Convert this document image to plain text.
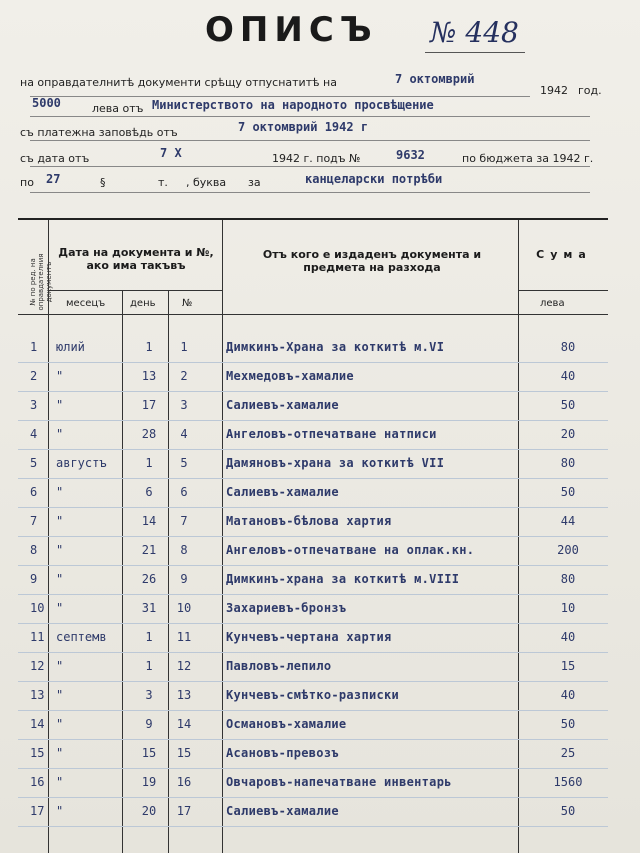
ОПИСЪ № 448
на оправдателнитѣ документи срѣщу отпуснатитѣ на	7 октомврий
1942 год.
5000	лева отъ Министерството на народното просвѣщение
съ платежна заповѣдь отъ	7 октомврий 1942 г
съ дата отъ	7 X	1942 г. подъ №	9632	по бюджета за 1942 г.
по 27	§	т. , буква за	канцеларски потрѣби
№ по ред. на оправдателния документъ
Дата на документа и №, ако има такъвъ
Отъ кого е издаденъ документа и предмета на разхода
Сума
месецъ день	№	лева
1	юлий	1	1	Димкинъ-Храна за коткитѣ м.VI	80
2	"	13	2	Мехмедовъ-хамалие	40
3	"	17	3	Салиевъ-хамалие	50
4	"	28	4	Ангеловъ-отпечатване натписи	20
5	августъ	1	5	Дамяновъ-храна за коткитѣ VII	80
6	"	6	6	Салиевъ-хамалие	50
7	"	14	7	Матановъ-бѣлова хартия	44
8	"	21	8	Ангеловъ-отпечатване на оплак.кн.	200
9	"	26	9	Димкинъ-храна за коткитѣ м.VIII	80
10 "	31	10	Захариевъ-бронзъ	10
11 септемв	1	11	Кунчевъ-чертана хартия	40
12 "	1	12	Павловъ-лепило	15
13 "	3	13	Кунчевъ-смѣтко-разписки	40
14 "	9	14	Османовъ-хамалие	50
15 "	15	15	Асановъ-превозъ	25
16 "	19	16	Овчаровъ-напечатване инвентарь	1560
17 "	20	17	Салиевъ-хамалие	50
